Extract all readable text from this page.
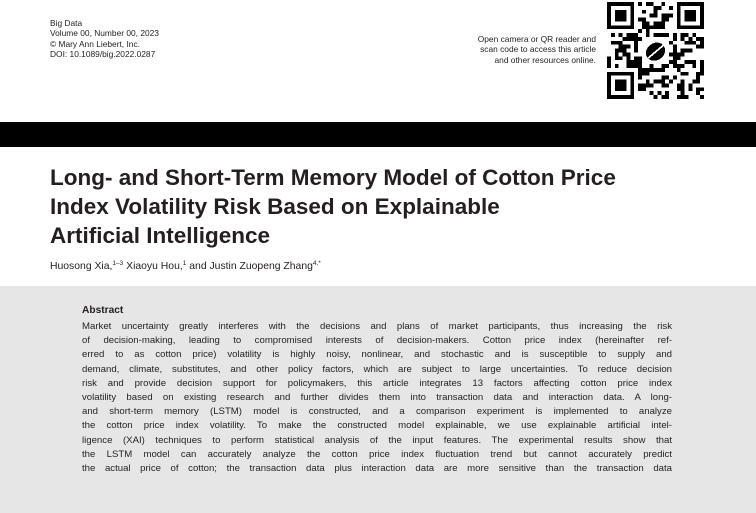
Big Data
Volume 00, Number 00, 2023
© Mary Ann Liebert, Inc.
DOI: 10.1089/big.2022.0287
Open camera or QR reader and
scan code to access this article
and other resources online.
Long- and Short-Term Memory Model of Cotton Price
Index Volatility Risk Based on Explainable
Artificial Intelligence
Huosong Xia,$^{1-3}$ Xiaoyu Hou,$^1$ and Justin Zuopeng Zhang$^{4,*}$
Abstract
Market uncertainty greatly interferes with the decisions and plans of market participants, thus increasing the risk
of decision-making, leading to compromised interests of decision-makers. Cotton price index (hereinafter ref-
erred to as cotton price) volatility is highly noisy, nonlinear, and stochastic and is susceptible to supply and
demand, climate, substitutes, and other policy factors, which are subject to large uncertainties. To reduce decision
risk and provide decision support for policymakers, this article integrates 13 factors affecting cotton price index
volatility based on existing research and further divides them into transaction data and interaction data. A long-
and short-term memory (LSTM) model is constructed, and a comparison experiment is implemented to analyze
the cotton price index volatility. To make the constructed model explainable, we use explainable artificial intel-
ligence (XAI) techniques to perform statistical analysis of the input features. The experimental results show that
the LSTM model can accurately analyze the cotton price index fluctuation trend but cannot accurately predict
the actual price of cotton; the transaction data plus interaction data are more sensitive than the transaction data
